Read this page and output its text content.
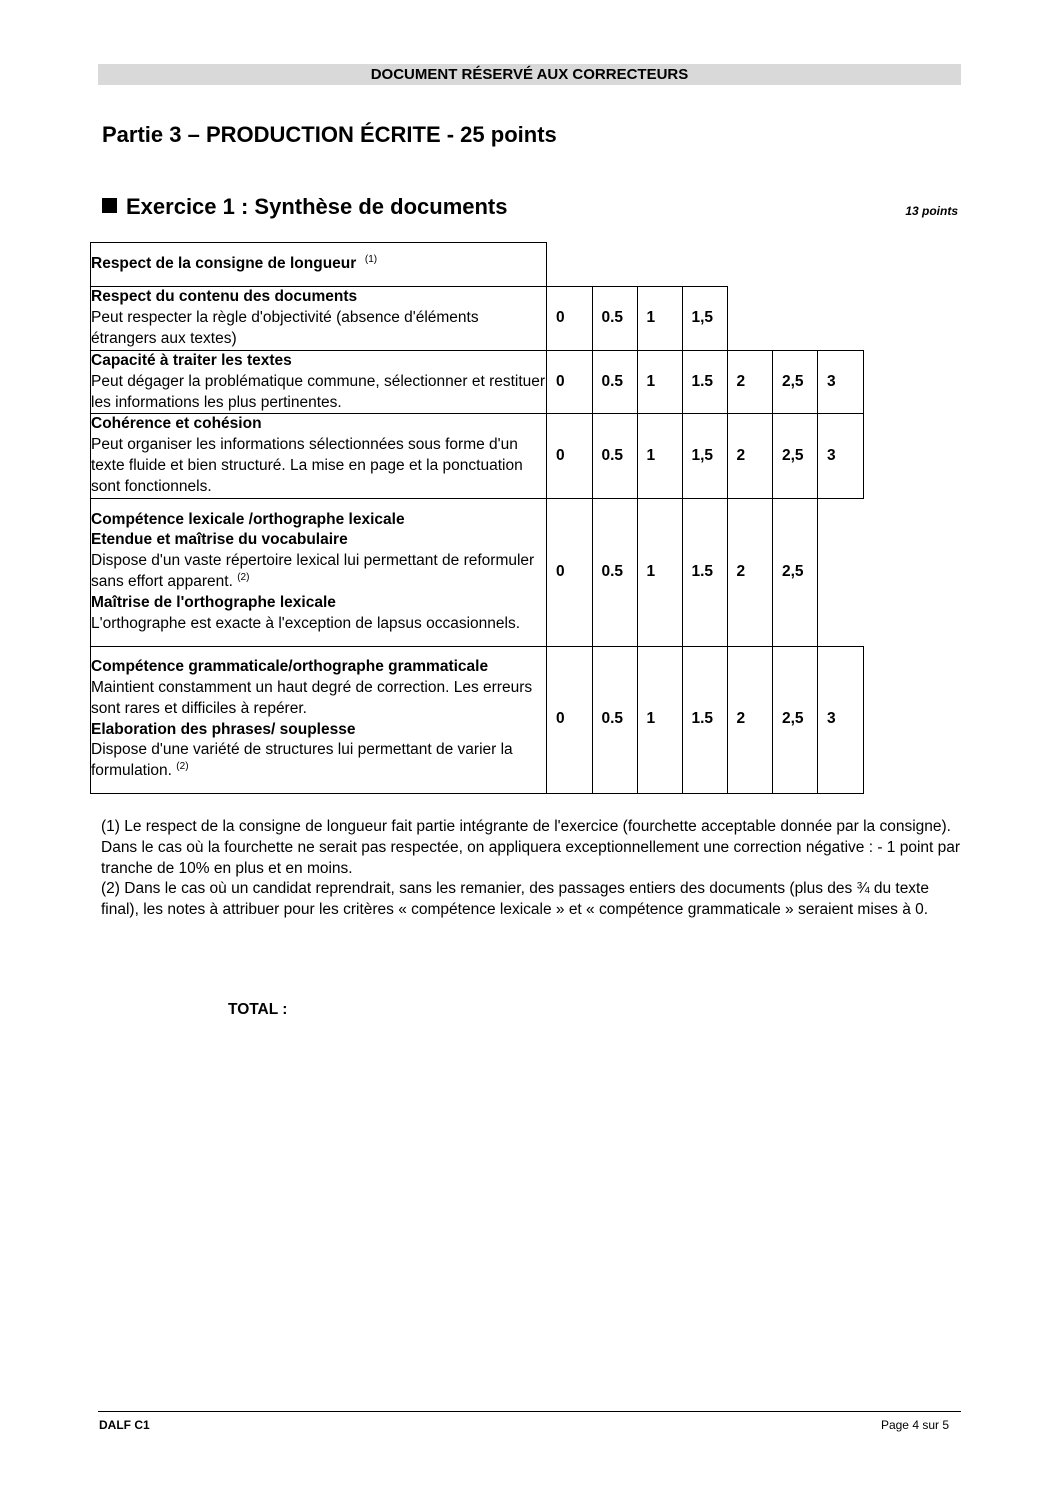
DOCUMENT RÉSERVÉ AUX CORRECTEURS
Partie 3 – PRODUCTION ÉCRITE - 25 points
Exercice 1 : Synthèse de documents	13 points
Respect de la consigne de longueur $^{(1)}$							

Respect du contenu des documents
Peut respecter la règle d'objectivité (absence d'éléments étrangers aux textes)	0	0.5	1	1,5			

Capacité à traiter les textes
Peut dégager la problématique commune, sélectionner et restituer les informations les plus pertinentes.	0	0.5	1	1.5	2	2,5	3

Cohérence et cohésion
Peut organiser les informations sélectionnées sous forme d'un texte fluide et bien structuré. La mise en page et la ponctuation sont fonctionnels.	0	0.5	1	1,5	2	2,5	3

Compétence lexicale /orthographe lexicale
Etendue et maîtrise du vocabulaire
Dispose d'un vaste répertoire lexical lui permettant de reformuler sans effort apparent. $^{(2)}$
Maîtrise de l'orthographe lexicale
L'orthographe est exacte à l'exception de lapsus occasionnels.	0	0.5	1	1.5	2	2,5	

Compétence grammaticale/orthographe grammaticale
Maintient constamment un haut degré de correction. Les erreurs sont rares et difficiles à repérer.
Elaboration des phrases/ souplesse
Dispose d'une variété de structures lui permettant de varier la formulation. $^{(2)}$	0	0.5	1	1.5	2	2,5	3

(1) Le respect de la consigne de longueur fait partie intégrante de l'exercice (fourchette acceptable donnée par la consigne).

Dans le cas où la fourchette ne serait pas respectée, on appliquera exceptionnellement une correction négative : - 1 point par tranche de 10% en plus et en moins.

(2) Dans le cas où un candidat reprendrait, sans les remanier, des passages entiers des documents (plus des ¾ du texte final), les notes à attribuer pour les critères « compétence lexicale » et « compétence grammaticale » seraient mises à 0.

TOTAL :
DALF C1	Page 4 sur 5
